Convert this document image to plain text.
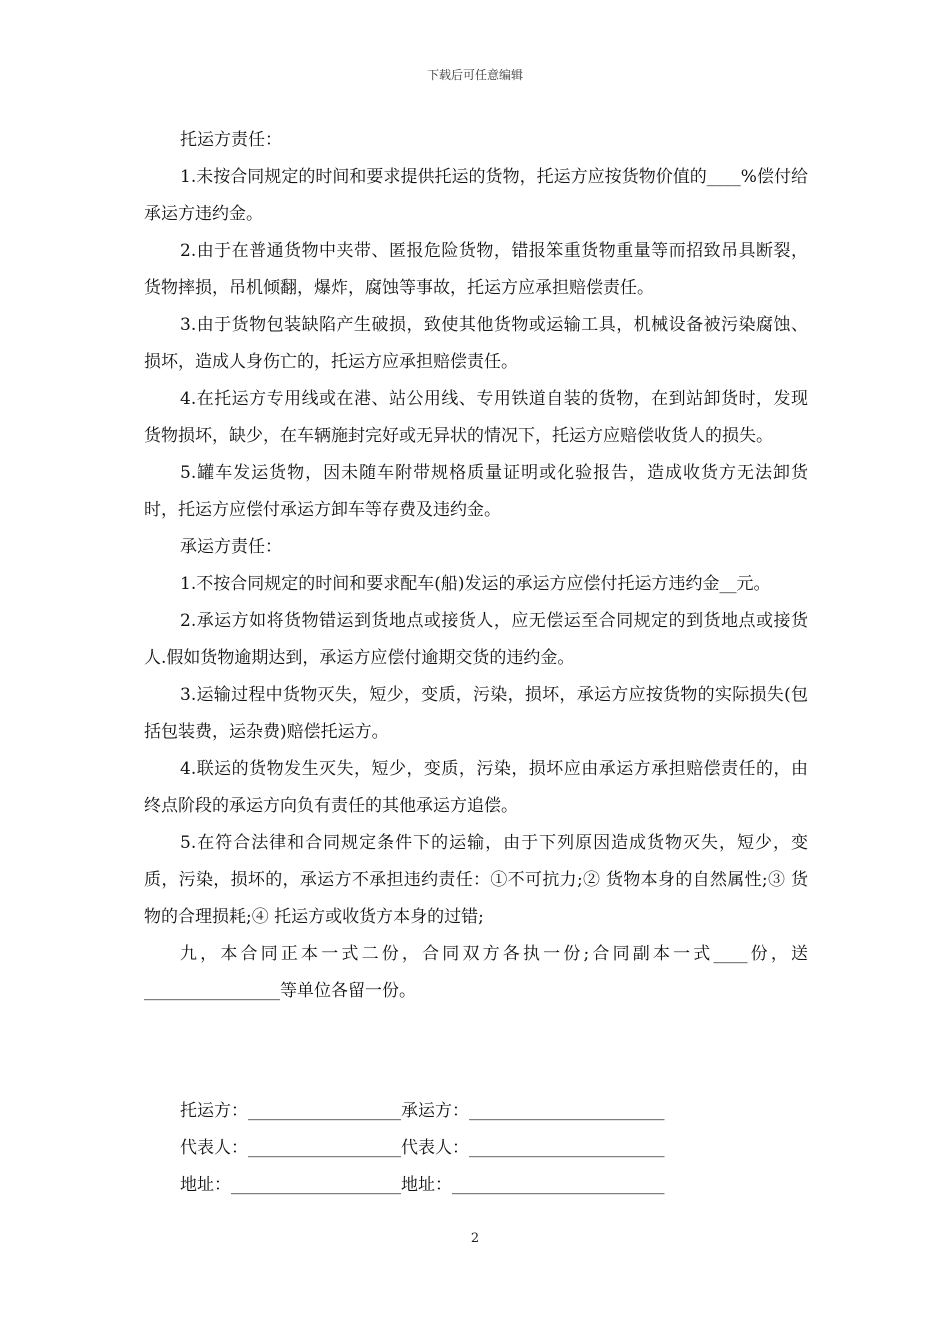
下载后可任意编辑

托运方责任：

1.未按合同规定的时间和要求提供托运的货物，托运方应按货物价值的____%偿付给承运方违约金。

2.由于在普通货物中夹带、匿报危险货物，错报笨重货物重量等而招致吊具断裂，货物摔损，吊机倾翻，爆炸，腐蚀等事故，托运方应承担赔偿责任。

3.由于货物包装缺陷产生破损，致使其他货物或运输工具，机械设备被污染腐蚀、损坏，造成人身伤亡的，托运方应承担赔偿责任。

4.在托运方专用线或在港、站公用线、专用铁道自装的货物，在到站卸货时，发现货物损坏，缺少，在车辆施封完好或无异状的情况下，托运方应赔偿收货人的损失。

5.罐车发运货物，因未随车附带规格质量证明或化验报告，造成收货方无法卸货时，托运方应偿付承运方卸车等存费及违约金。

承运方责任：

1.不按合同规定的时间和要求配车(船)发运的承运方应偿付托运方违约金__元。

2.承运方如将货物错运到货地点或接货人，应无偿运至合同规定的到货地点或接货人.假如货物逾期达到，承运方应偿付逾期交货的违约金。

3.运输过程中货物灭失，短少，变质，污染，损坏，承运方应按货物的实际损失(包括包装费，运杂费)赔偿托运方。

4.联运的货物发生灭失，短少，变质，污染，损坏应由承运方承担赔偿责任的，由终点阶段的承运方向负有责任的其他承运方追偿。

5.在符合法律和合同规定条件下的运输，由于下列原因造成货物灭失，短少，变质，污染，损坏的，承运方不承担违约责任：①不可抗力;② 货物本身的自然属性;③ 货物的合理损耗;④ 托运方或收货方本身的过错;

九，本合同正本一式二份，合同双方各执一份;合同副本一式____份，送________________等单位各留一份。

托运方：__________________承运方：_______________________
代表人：__________________代表人：_______________________
地址：____________________地址：_________________________
2
